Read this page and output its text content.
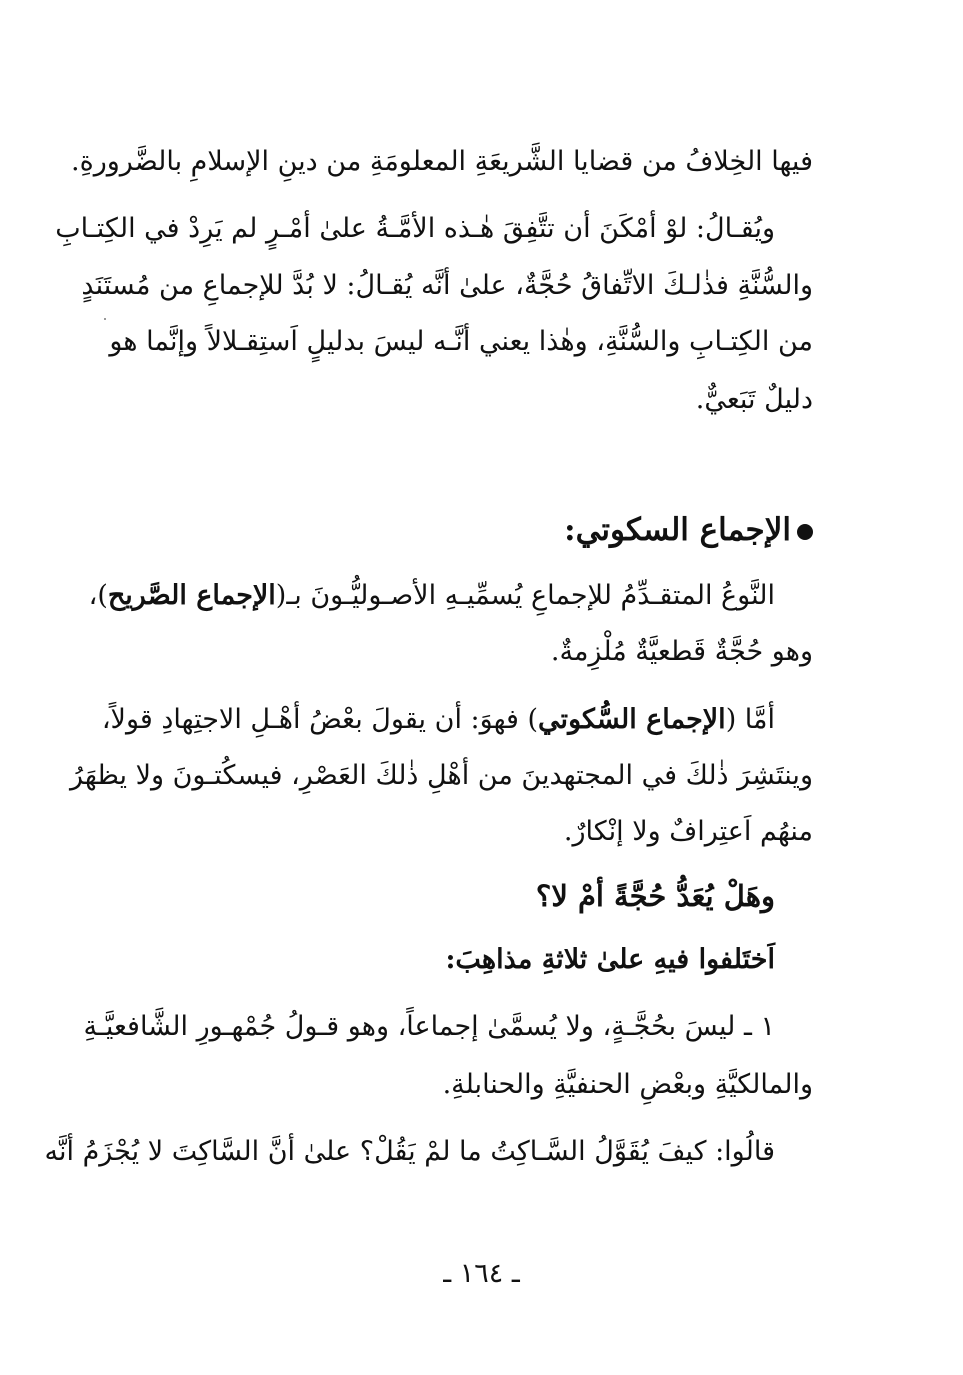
فيها الخِلافُ من قضايا الشَّريعَةِ المعلومَةِ من دينِ الإسلامِ بالضَّرورةِ.
ويُقـالُ: لوْ أمْكَنَ أن تتَّفِقَ هٰـذه الأمَّـةُ علىٰ أمْـرٍ لم يَرِدْ في الكِتـابِ
والسُّنَّةِ فذٰلـكَ الاتِّفاقُ حُجَّةٌ، علىٰ أنَّه يُقـالُ: لا بُدَّ للإجماعِ من مُستَنَدٍ
من الكِتـابِ والسُّنَّةِ، وهٰذا يعني أنَّـه ليسَ بدليلٍ اَستِقـلالاً وإنَّما هو
دليلٌ تَبَعيٌّ.
الإجماع السكوتي:
النَّوعُ المتقـدِّمُ للإجماعِ يُسمِّيـهِ الأصـوليُّـونَ بـ(الإجماع الصَّريح)،
وهو حُجَّةٌ قَطعيَّةٌ مُلْزِمةٌ.
أمَّا (الإجماع السُّكوتي) فهوَ: أن يقولَ بعْضُ أهْـلِ الاجتِهادِ قولاً،
وينتَشِرَ ذٰلكَ في المجتهدينَ من أهْلِ ذٰلكَ العَصْرِ، فيسكُتـونَ ولا يظهَرُ
منهُم اَعتِرافٌ ولا إنْكارٌ.
وهَلْ يُعَدُّ حُجَّةً أمْ لا؟
اَختَلفوا فيهِ علىٰ ثلاثةِ مذاهِبَ:
١ ـ ليسَ بحُجَّـةٍ، ولا يُسمَّىٰ إجماعاً، وهو قـولُ جُمْهـورِ الشَّافعيَّـةِ
والمالكيَّةِ وبعْضِ الحنفيَّةِ والحنابلةِ.
قالُوا: كيفَ يُقَوَّلُ السَّـاكِتُ ما لمْ يَقُلْ؟ علىٰ أنَّ السَّاكِتَ لا يُجْزَمُ أنَّه
ـ ١٦٤ ـ
